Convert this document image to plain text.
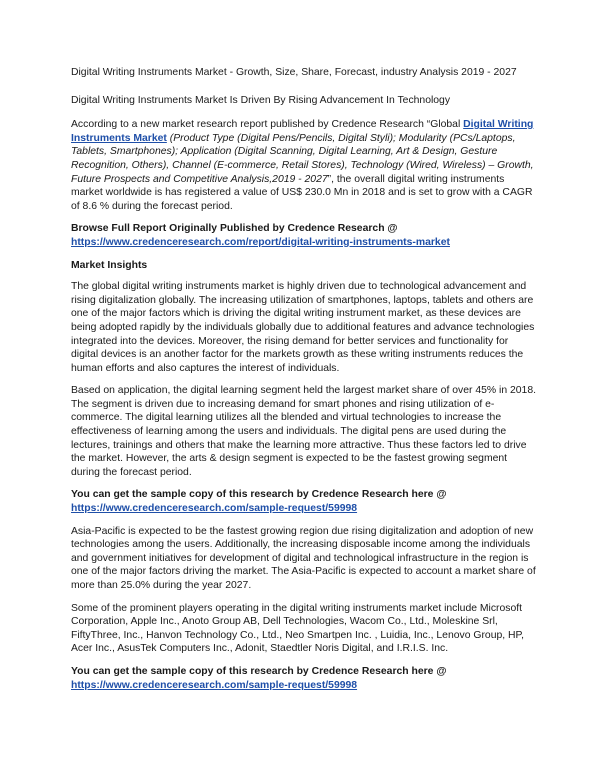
Digital Writing Instruments Market - Growth, Size, Share, Forecast, industry Analysis 2019 - 2027

Digital Writing Instruments Market Is Driven By Rising Advancement In Technology

According to a new market research report published by Credence Research “Global Digital Writing Instruments Market (Product Type (Digital Pens/Pencils, Digital Styli); Modularity (PCs/Laptops, Tablets, Smartphones); Application (Digital Scanning, Digital Learning, Art & Design, Gesture Recognition, Others), Channel (E-commerce, Retail Stores), Technology (Wired, Wireless) – Growth, Future Prospects and Competitive Analysis,2019 - 2027”, the overall digital writing instruments market worldwide is has registered a value of US$ 230.0 Mn in 2018 and is set to grow with a CAGR of 8.6 % during the forecast period.

Browse Full Report Originally Published by Credence Research @
https://www.credenceresearch.com/report/digital-writing-instruments-market

Market Insights

The global digital writing instruments market is highly driven due to technological advancement and rising digitalization globally. The increasing utilization of smartphones, laptops, tablets and others are one of the major factors which is driving the digital writing instrument market, as these devices are being adopted rapidly by the individuals globally due to additional features and advance technologies integrated into the devices. Moreover, the rising demand for better services and functionality for digital devices is an another factor for the markets growth as these writing instruments reduces the human efforts and also captures the interest of individuals.

Based on application, the digital learning segment held the largest market share of over 45% in 2018. The segment is driven due to increasing demand for smart phones and rising utilization of e-commerce. The digital learning utilizes all the blended and virtual technologies to increase the effectiveness of learning among the users and individuals. The digital pens are used during the lectures, trainings and others that make the learning more attractive. Thus these factors led to drive the market. However, the arts & design segment is expected to be the fastest growing segment during the forecast period.

You can get the sample copy of this research by Credence Research here @
https://www.credenceresearch.com/sample-request/59998

Asia-Pacific is expected to be the fastest growing region due rising digitalization and adoption of new technologies among the users. Additionally, the increasing disposable income among the individuals and government initiatives for development of digital and technological infrastructure in the region is one of the major factors driving the market. The Asia-Pacific is expected to account a market share of more than 25.0% during the year 2027.

Some of the prominent players operating in the digital writing instruments market include Microsoft Corporation, Apple Inc., Anoto Group AB, Dell Technologies, Wacom Co., Ltd., Moleskine Srl, FiftyThree, Inc., Hanvon Technology Co., Ltd., Neo Smartpen Inc. , Luidia, Inc., Lenovo Group, HP, Acer Inc., AsusTek Computers Inc., Adonit, Staedtler Noris Digital, and I.R.I.S. Inc.

You can get the sample copy of this research by Credence Research here @
https://www.credenceresearch.com/sample-request/59998
